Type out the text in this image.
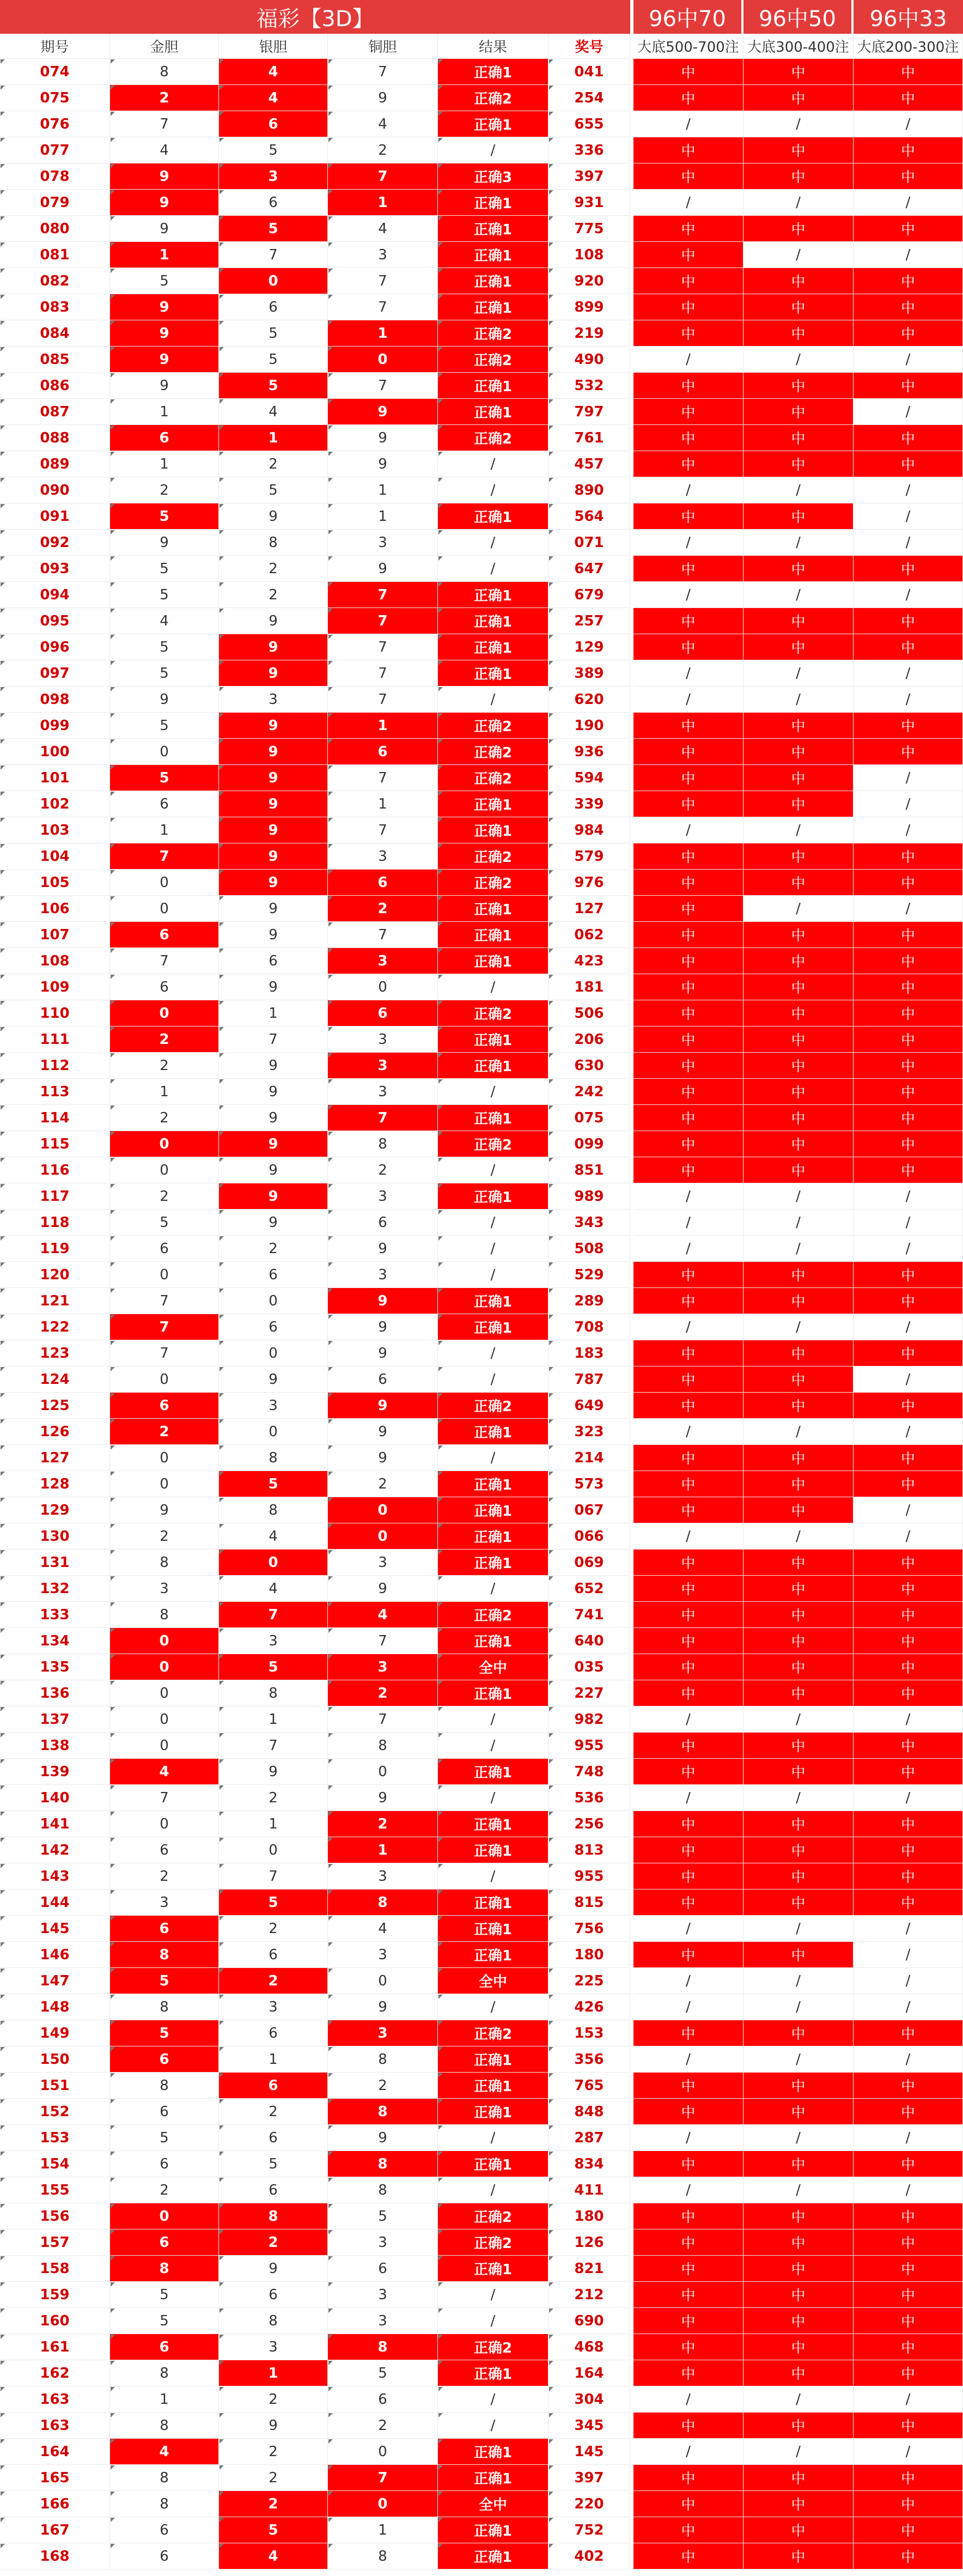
福彩【3D】	96中70	96中50	96中33
期号	金胆	银胆	铜胆	结果	奖号	大底500-700注 大底300-400注 大底200-300注
074	8	4	7	正确1	041	中	中	中
075	2	4	9	正确2	254	中	中	中
076	7	6	4	正确1	655	/	/	/
077	4	5	2	/	336	中	中	中
078	9	3	7	正确3	397	中	中	中
079	9	6	1	正确1	931	/	/	/
080	9	5	4	正确1	775	中	中	中
081	1	7	3	正确1	108	中	/	/
082	5	0	7	正确1	920	中	中	中
083	9	6	7	正确1	899	中	中	中
084	9	5	1	正确2	219	中	中	中
085	9	5	0	正确2	490	/	/	/
086	9	5	7	正确1	532	中	中	中
087	1	4	9	正确1	797	中	中	/
088	6	1	9	正确2	761	中	中	中
089	1	2	9	/	457	中	中	中
090	2	5	1	/	890	/	/	/
091	5	9	1	正确1	564	中	中	/
092	9	8	3	/	071	/	/	/
093	5	2	9	/	647	中	中	中
094	5	2	7	正确1	679	/	/	/
095	4	9	7	正确1	257	中	中	中
096	5	9	7	正确1	129	中	中	中
097	5	9	7	正确1	389	/	/	/
098	9	3	7	/	620	/	/	/
099	5	9	1	正确2	190	中	中	中
100	0	9	6	正确2	936	中	中	中
101	5	9	7	正确2	594	中	中	/
102	6	9	1	正确1	339	中	中	/
103	1	9	7	正确1	984	/	/	/
104	7	9	3	正确2	579	中	中	中
105	0	9	6	正确2	976	中	中	中
106	0	9	2	正确1	127	中	/	/
107	6	9	7	正确1	062	中	中	中
108	7	6	3	正确1	423	中	中	中
109	6	9	0	/	181	中	中	中
110	0	1	6	正确2	506	中	中	中
111	2	7	3	正确1	206	中	中	中
112	2	9	3	正确1	630	中	中	中
113	1	9	3	/	242	中	中	中
114	2	9	7	正确1	075	中	中	中
115	0	9	8	正确2	099	中	中	中
116	0	9	2	/	851	中	中	中
117	2	9	3	正确1	989	/	/	/
118	5	9	6	/	343	/	/	/
119	6	2	9	/	508	/	/	/
120	0	6	3	/	529	中	中	中
121	7	0	9	正确1	289	中	中	中
122	7	6	9	正确1	708	/	/	/
123	7	0	9	/	183	中	中	中
124	0	9	6	/	787	中	中	/
125	6	3	9	正确2	649	中	中	中
126	2	0	9	正确1	323	/	/	/
127	0	8	9	/	214	中	中	中
128	0	5	2	正确1	573	中	中	中
129	9	8	0	正确1	067	中	中	/
130	2	4	0	正确1	066	/	/	/
131	8	0	3	正确1	069	中	中	中
132	3	4	9	/	652	中	中	中
133	8	7	4	正确2	741	中	中	中
134	0	3	7	正确1	640	中	中	中
135	0	5	3	全中	035	中	中	中
136	0	8	2	正确1	227	中	中	中
137	0	1	7	/	982	/	/	/
138	0	7	8	/	955	中	中	中
139	4	9	0	正确1	748	中	中	中
140	7	2	9	/	536	/	/	/
141	0	1	2	正确1	256	中	中	中
142	6	0	1	正确1	813	中	中	中
143	2	7	3	/	955	中	中	中
144	3	5	8	正确1	815	中	中	中
145	6	2	4	正确1	756	/	/	/
146	8	6	3	正确1	180	中	中	/
147	5	2	0	全中	225	/	/	/
148	8	3	9	/	426	/	/	/
149	5	6	3	正确2	153	中	中	中
150	6	1	8	正确1	356	/	/	/
151	8	6	2	正确1	765	中	中	中
152	6	2	8	正确1	848	中	中	中
153	5	6	9	/	287	/	/	/
154	6	5	8	正确1	834	中	中	中
155	2	6	8	/	411	/	/	/
156	0	8	5	正确2	180	中	中	中
157	6	2	3	正确2	126	中	中	中
158	8	9	6	正确1	821	中	中	中
159	5	6	3	/	212	中	中	中
160	5	8	3	/	690	中	中	中
161	6	3	8	正确2	468	中	中	中
162	8	1	5	正确1	164	中	中	中
163	1	2	6	/	304	/	/	/
163	8	9	2	/	345	中	中	中
164	4	2	0	正确1	145	/	/	/
165	8	2	7	正确1	397	中	中	中
166	8	2	0	全中	220	中	中	中
167	6	5	1	正确1	752	中	中	中
168	6	4	8	正确1	402	中	中	中
